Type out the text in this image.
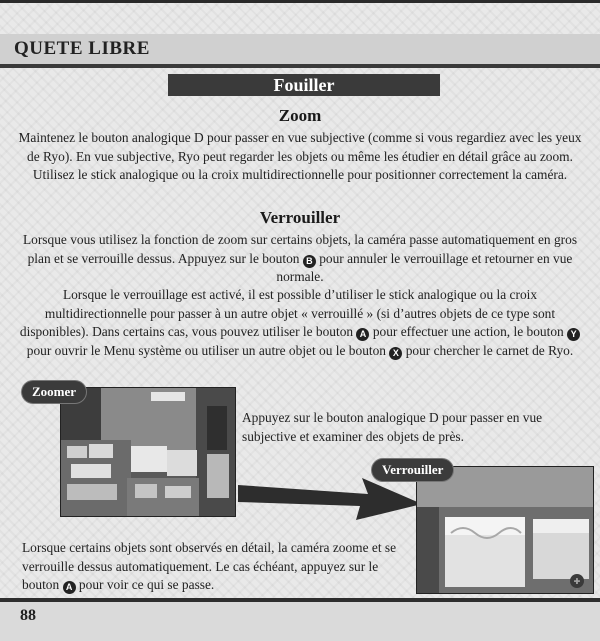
QUETE LIBRE
Fouiller
Zoom
Maintenez le bouton analogique D pour passer en vue subjective (comme si vous regardiez avec les yeux de Ryo). En vue subjective, Ryo peut regarder les objets ou même les étudier en détail grâce au zoom. Utilisez le stick analogique ou la croix multidirectionnelle pour positionner correctement la caméra.
Verrouiller
Lorsque vous utilisez la fonction de zoom sur certains objets, la caméra passe automatiquement en gros plan et se verrouille dessus. Appuyez sur le bouton B pour annuler le verrouillage et retourner en vue normale.
Lorsque le verrouillage est activé, il est possible d’utiliser le stick analogique ou la croix multidirectionnelle pour passer à un autre objet « verrouillé » (si d’autres objets de ce type sont disponibles). Dans certains cas, vous pouvez utiliser le bouton A pour effectuer une action, le bouton Y pour ouvrir le Menu système ou utiliser un autre objet ou le bouton X pour chercher le carnet de Ryo.
Zoomer
Appuyez sur le bouton analogique D pour passer en vue subjective et examiner des objets de près.
✛
Verrouiller
Lorsque certains objets sont observés en détail, la caméra zoome et se verrouille dessus automatiquement. Le cas échéant, appuyez sur le bouton A pour voir ce qui se passe.
88
